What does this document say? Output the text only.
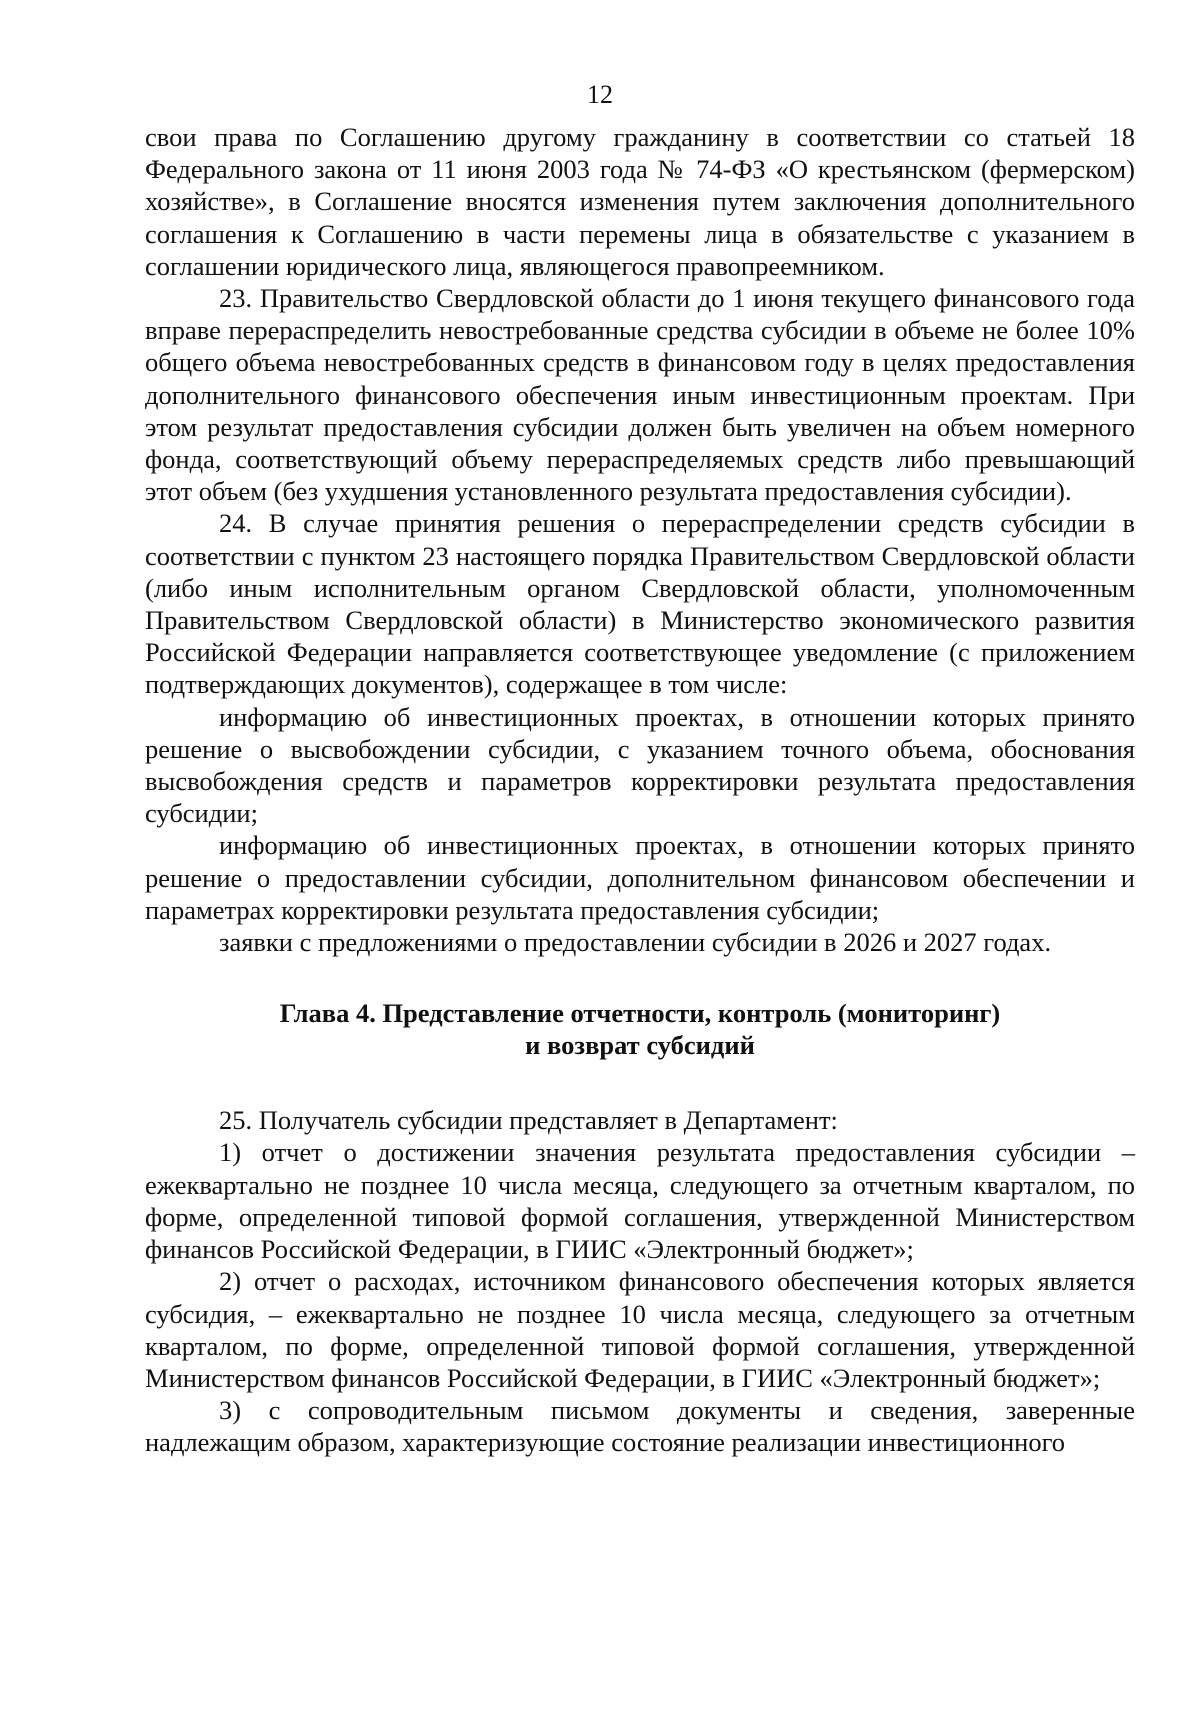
12

свои права по Соглашению другому гражданину в соответствии со статьей 18 Федерального закона от 11 июня 2003 года № 74-ФЗ «О крестьянском (фермерском) хозяйстве», в Соглашение вносятся изменения путем заключения дополнительного соглашения к Соглашению в части перемены лица в обязательстве с указанием в соглашении юридического лица, являющегося правопреемником.

23. Правительство Свердловской области до 1 июня текущего финансового года вправе перераспределить невостребованные средства субсидии в объеме не более 10% общего объема невостребованных средств в финансовом году в целях предоставления дополнительного финансового обеспечения иным инвестиционным проектам. При этом результат предоставления субсидии должен быть увеличен на объем номерного фонда, соответствующий объему перераспределяемых средств либо превышающий этот объем (без ухудшения установленного результата предоставления субсидии).

24. В случае принятия решения о перераспределении средств субсидии в соответствии с пунктом 23 настоящего порядка Правительством Свердловской области (либо иным исполнительным органом Свердловской области, уполномоченным Правительством Свердловской области) в Министерство экономического развития Российской Федерации направляется соответствующее уведомление (с приложением подтверждающих документов), содержащее в том числе:

информацию об инвестиционных проектах, в отношении которых принято решение о высвобождении субсидии, с указанием точного объема, обоснования высвобождения средств и параметров корректировки результата предоставления субсидии;

информацию об инвестиционных проектах, в отношении которых принято решение о предоставлении субсидии, дополнительном финансовом обеспечении и параметрах корректировки результата предоставления субсидии;

заявки с предложениями о предоставлении субсидии в 2026 и 2027 годах.

Глава 4. Представление отчетности, контроль (мониторинг)
и возврат субсидий

25. Получатель субсидии представляет в Департамент:

1) отчет о достижении значения результата предоставления субсидии – ежеквартально не позднее 10 числа месяца, следующего за отчетным кварталом, по форме, определенной типовой формой соглашения, утвержденной Министерством финансов Российской Федерации, в ГИИС «Электронный бюджет»;

2) отчет о расходах, источником финансового обеспечения которых является субсидия, – ежеквартально не позднее 10 числа месяца, следующего за отчетным кварталом, по форме, определенной типовой формой соглашения, утвержденной Министерством финансов Российской Федерации, в ГИИС «Электронный бюджет»;

3) с сопроводительным письмом документы и сведения, заверенные надлежащим образом, характеризующие состояние реализации инвестиционного
